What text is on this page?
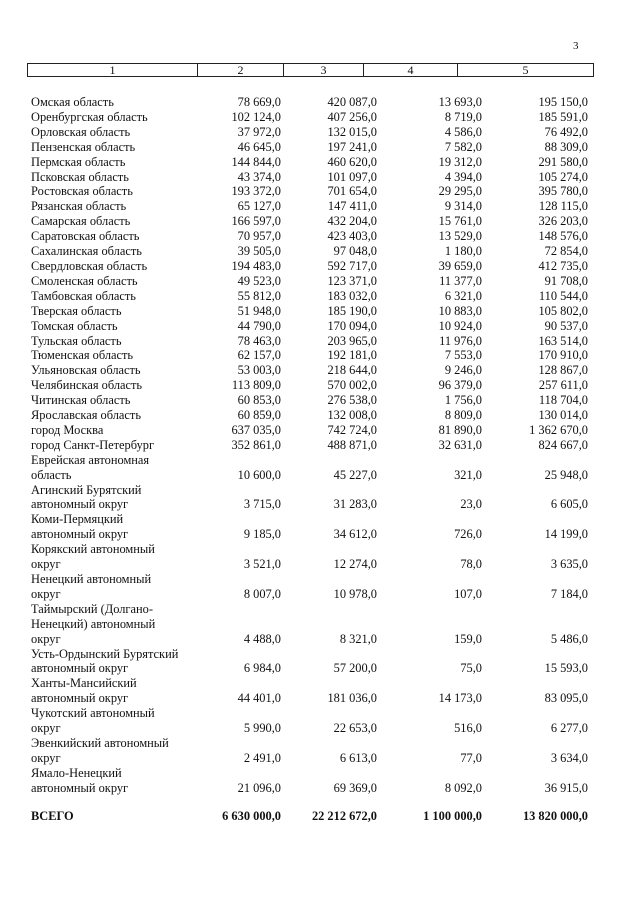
3
1	2	3	4	5
Омская область	78 669,0	420 087,0	13 693,0	195 150,0
Оренбургская область	102 124,0	407 256,0	8 719,0	185 591,0
Орловская область	37 972,0	132 015,0	4 586,0	76 492,0
Пензенская область	46 645,0	197 241,0	7 582,0	88 309,0
Пермская область	144 844,0	460 620,0	19 312,0	291 580,0
Псковская область	43 374,0	101 097,0	4 394,0	105 274,0
Ростовская область	193 372,0	701 654,0	29 295,0	395 780,0
Рязанская область	65 127,0	147 411,0	9 314,0	128 115,0
Самарская область	166 597,0	432 204,0	15 761,0	326 203,0
Саратовская область	70 957,0	423 403,0	13 529,0	148 576,0
Сахалинская область	39 505,0	97 048,0	1 180,0	72 854,0
Свердловская область	194 483,0	592 717,0	39 659,0	412 735,0
Смоленская область	49 523,0	123 371,0	11 377,0	91 708,0
Тамбовская область	55 812,0	183 032,0	6 321,0	110 544,0
Тверская область	51 948,0	185 190,0	10 883,0	105 802,0
Томская область	44 790,0	170 094,0	10 924,0	90 537,0
Тульская область	78 463,0	203 965,0	11 976,0	163 514,0
Тюменская область	62 157,0	192 181,0	7 553,0	170 910,0
Ульяновская область	53 003,0	218 644,0	9 246,0	128 867,0
Челябинская область	113 809,0	570 002,0	96 379,0	257 611,0
Читинская область	60 853,0	276 538,0	1 756,0	118 704,0
Ярославская область	60 859,0	132 008,0	8 809,0	130 014,0
город Москва	637 035,0	742 724,0	81 890,0	1 362 670,0
город Санкт-Петербург	352 861,0	488 871,0	32 631,0	824 667,0
Еврейская автономная
область	10 600,0	45 227,0	321,0	25 948,0
Агинский Бурятский
автономный округ	3 715,0	31 283,0	23,0	6 605,0
Коми-Пермяцкий
автономный округ	9 185,0	34 612,0	726,0	14 199,0
Корякский автономный
округ	3 521,0	12 274,0	78,0	3 635,0
Ненецкий автономный
округ	8 007,0	10 978,0	107,0	7 184,0
Таймырский (Долгано-
Ненецкий) автономный
округ	4 488,0	8 321,0	159,0	5 486,0
Усть-Ордынский Бурятский
автономный округ	6 984,0	57 200,0	75,0	15 593,0
Ханты-Мансийский
автономный округ	44 401,0	181 036,0	14 173,0	83 095,0
Чукотский автономный
округ	5 990,0	22 653,0	516,0	6 277,0
Эвенкийский автономный
округ	2 491,0	6 613,0	77,0	3 634,0
Ямало-Ненецкий
автономный округ	21 096,0	69 369,0	8 092,0	36 915,0
ВСЕГО	6 630 000,0	22 212 672,0	1 100 000,0	13 820 000,0
